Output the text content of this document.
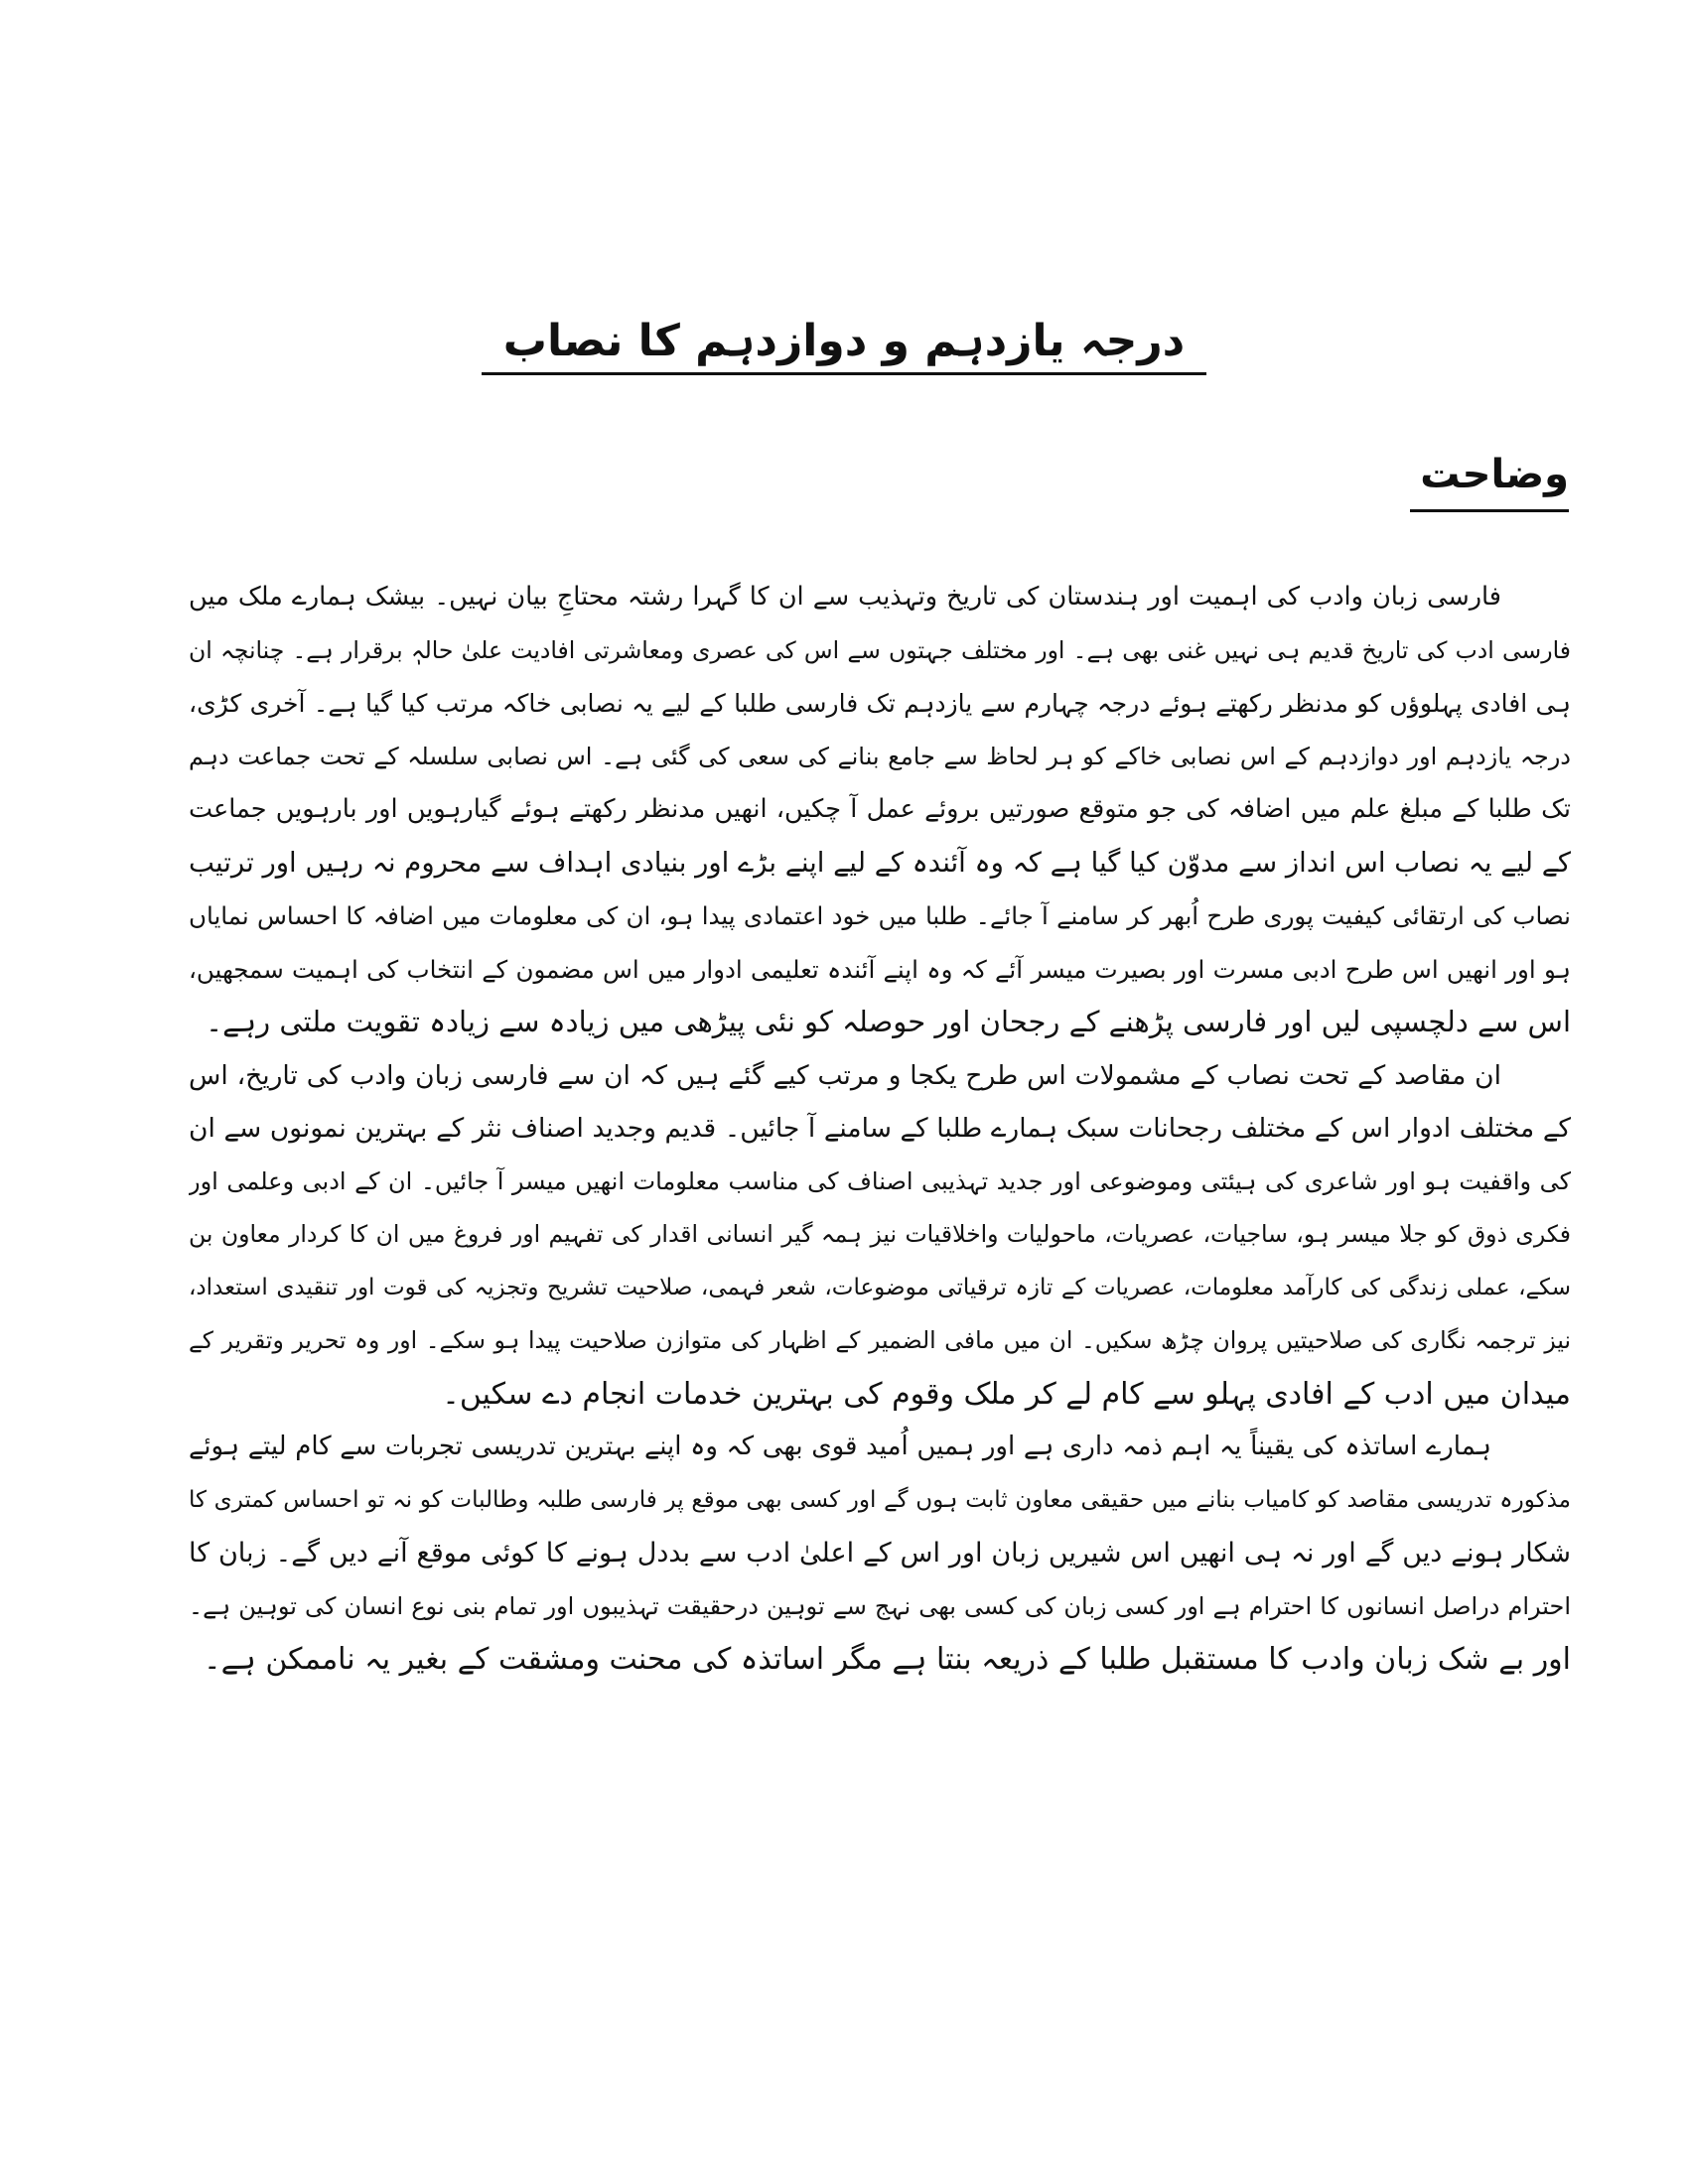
درجہ یازدہم و دوازدہم کا نصاب
وضاحت
فارسی زبان وادب کی اہمیت اور ہندستان کی تاریخ وتہذیب سے ان کا گہرا رشتہ محتاجِ بیان نہیں۔ بیشک ہمارے ملک میں
فارسی ادب کی تاریخ قدیم ہی نہیں غنی بھی ہے۔ اور مختلف جہتوں سے اس کی عصری ومعاشرتی افادیت علیٰ حالہٖ برقرار ہے۔ چنانچہ ان
ہی افادی پہلوؤں کو مدنظر رکھتے ہوئے درجہ چہارم سے یازدہم تک فارسی طلبا کے لیے یہ نصابی خاکہ مرتب کیا گیا ہے۔ آخری کڑی،
درجہ یازدہم اور دوازدہم کے اس نصابی خاکے کو ہر لحاظ سے جامع بنانے کی سعی کی گئی ہے۔ اس نصابی سلسلہ کے تحت جماعت دہم
تک طلبا کے مبلغ علم میں اضافہ کی جو متوقع صورتیں بروئے عمل آ چکیں، انھیں مدنظر رکھتے ہوئے گیارہویں اور بارہویں جماعت
کے لیے یہ نصاب اس انداز سے مدوّن کیا گیا ہے کہ وہ آئندہ کے لیے اپنے بڑے اور بنیادی اہداف سے محروم نہ رہیں اور ترتیب
نصاب کی ارتقائی کیفیت پوری طرح اُبھر کر سامنے آ جائے۔ طلبا میں خود اعتمادی پیدا ہو، ان کی معلومات میں اضافہ کا احساس نمایاں
ہو اور انھیں اس طرح ادبی مسرت اور بصیرت میسر آئے کہ وہ اپنے آئندہ تعلیمی ادوار میں اس مضمون کے انتخاب کی اہمیت سمجھیں،
اس سے دلچسپی لیں اور فارسی پڑھنے کے رجحان اور حوصلہ کو نئی پیڑھی میں زیادہ سے زیادہ تقویت ملتی رہے۔
ان مقاصد کے تحت نصاب کے مشمولات اس طرح یکجا و مرتب کیے گئے ہیں کہ ان سے فارسی زبان وادب کی تاریخ، اس
کے مختلف ادوار اس کے مختلف رجحانات سبک ہمارے طلبا کے سامنے آ جائیں۔ قدیم وجدید اصناف نثر کے بہترین نمونوں سے ان
کی واقفیت ہو اور شاعری کی ہیئتی وموضوعی اور جدید تہذیبی اصناف کی مناسب معلومات انھیں میسر آ جائیں۔ ان کے ادبی وعلمی اور
فکری ذوق کو جلا میسر ہو، ساجیات، عصریات، ماحولیات واخلاقیات نیز ہمہ گیر انسانی اقدار کی تفہیم اور فروغ میں ان کا کردار معاون بن
سکے، عملی زندگی کی کارآمد معلومات، عصریات کے تازہ ترقیاتی موضوعات، شعر فہمی، صلاحیت تشریح وتجزیہ کی قوت اور تنقیدی استعداد،
نیز ترجمہ نگاری کی صلاحیتیں پروان چڑھ سکیں۔ ان میں مافی الضمیر کے اظہار کی متوازن صلاحیت پیدا ہو سکے۔ اور وہ تحریر وتقریر کے
میدان میں ادب کے افادی پہلو سے کام لے کر ملک وقوم کی بہترین خدمات انجام دے سکیں۔
ہمارے اساتذہ کی یقیناً یہ اہم ذمہ داری ہے اور ہمیں اُمید قوی بھی کہ وہ اپنے بہترین تدریسی تجربات سے کام لیتے ہوئے
مذکورہ تدریسی مقاصد کو کامیاب بنانے میں حقیقی معاون ثابت ہوں گے اور کسی بھی موقع پر فارسی طلبہ وطالبات کو نہ تو احساس کمتری کا
شکار ہونے دیں گے اور نہ ہی انھیں اس شیریں زبان اور اس کے اعلیٰ ادب سے بددل ہونے کا کوئی موقع آنے دیں گے۔ زبان کا
احترام دراصل انسانوں کا احترام ہے اور کسی زبان کی کسی بھی نہج سے توہین درحقیقت تہذیبوں اور تمام بنی نوع انسان کی توہین ہے۔
اور بے شک زبان وادب کا مستقبل طلبا کے ذریعہ بنتا ہے مگر اساتذہ کی محنت ومشقت کے بغیر یہ ناممکن ہے۔
